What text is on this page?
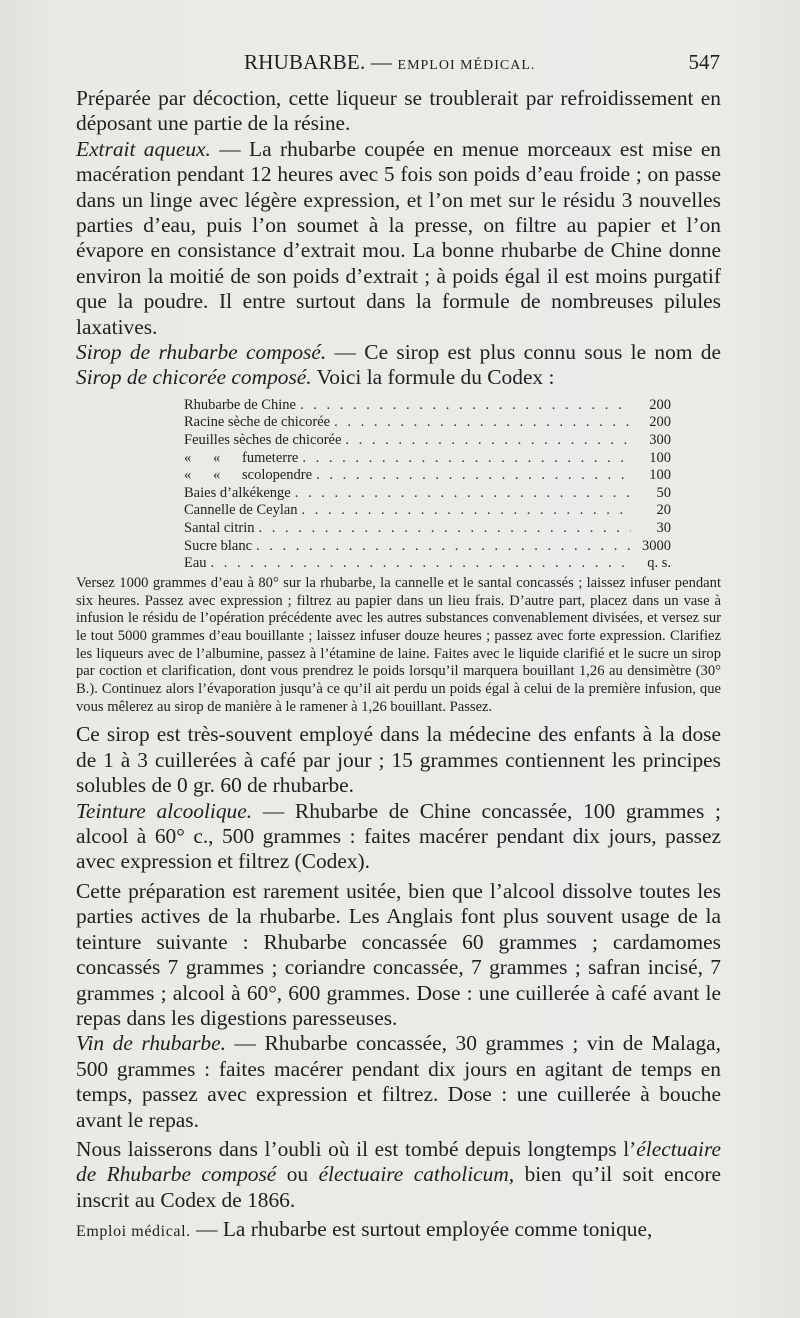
RHUBARBE. — EMPLOI MÉDICAL.	547

Préparée par décoction, cette liqueur se troublerait par refroidissement en déposant une partie de la résine.

Extrait aqueux. — La rhubarbe coupée en menue morceaux est mise en macération pendant 12 heures avec 5 fois son poids d’eau froide ; on passe dans un linge avec légère expression, et l’on met sur le résidu 3 nouvelles parties d’eau, puis l’on soumet à la presse, on filtre au papier et l’on évapore en consistance d’extrait mou. La bonne rhubarbe de Chine donne environ la moitié de son poids d’extrait ; à poids égal il est moins purgatif que la poudre. Il entre surtout dans la formule de nombreuses pilules laxatives.

Sirop de rhubarbe composé. — Ce sirop est plus connu sous le nom de Sirop de chicorée composé. Voici la formule du Codex :

Rhubarbe de Chine . . .	200
Racine sèche de chicorée . . .	200
Feuilles sèches de chicorée . . .	300
«      «      fumeterre . . .	100
«      «      scolopendre . . .	100
Baies d’alkékenge . . .	50
Cannelle de Ceylan . . .	20
Santal citrin . . .	30
Sucre blanc . . .	3000
Eau . . .	q. s.

Versez 1000 grammes d’eau à 80° sur la rhubarbe, la cannelle et le santal concassés ; laissez infuser pendant six heures. Passez avec expression ; filtrez au papier dans un lieu frais. D’autre part, placez dans un vase à infusion le résidu de l’opération précédente avec les autres substances convenablement divisées, et versez sur le tout 5000 grammes d’eau bouillante ; laissez infuser douze heures ; passez avec forte expression. Clarifiez les liqueurs avec de l’albumine, passez à l’étamine de laine. Faites avec le liquide clarifié et le sucre un sirop par coction et clarification, dont vous prendrez le poids lorsqu’il marquera bouillant 1,26 au densimètre (30° B.). Continuez alors l’évaporation jusqu’à ce qu’il ait perdu un poids égal à celui de la première infusion, que vous mêlerez au sirop de manière à le ramener à 1,26 bouillant. Passez.

Ce sirop est très-souvent employé dans la médecine des enfants à la dose de 1 à 3 cuillerées à café par jour ; 15 grammes contiennent les principes solubles de 0 gr. 60 de rhubarbe.

Teinture alcoolique. — Rhubarbe de Chine concassée, 100 grammes ; alcool à 60° c., 500 grammes : faites macérer pendant dix jours, passez avec expression et filtrez (Codex).

Cette préparation est rarement usitée, bien que l’alcool dissolve toutes les parties actives de la rhubarbe. Les Anglais font plus souvent usage de la teinture suivante : Rhubarbe concassée 60 grammes ; cardamomes concassés 7 grammes ; coriandre concassée, 7 grammes ; safran incisé, 7 grammes ; alcool à 60°, 600 grammes. Dose : une cuillerée à café avant le repas dans les digestions paresseuses.

Vin de rhubarbe. — Rhubarbe concassée, 30 grammes ; vin de Malaga, 500 grammes : faites macérer pendant dix jours en agitant de temps en temps, passez avec expression et filtrez. Dose : une cuillerée à bouche avant le repas.

Nous laisserons dans l’oubli où il est tombé depuis longtemps l’électuaire de Rhubarbe composé ou électuaire catholicum, bien qu’il soit encore inscrit au Codex de 1866.

Emploi médical. — La rhubarbe est surtout employée comme tonique,
